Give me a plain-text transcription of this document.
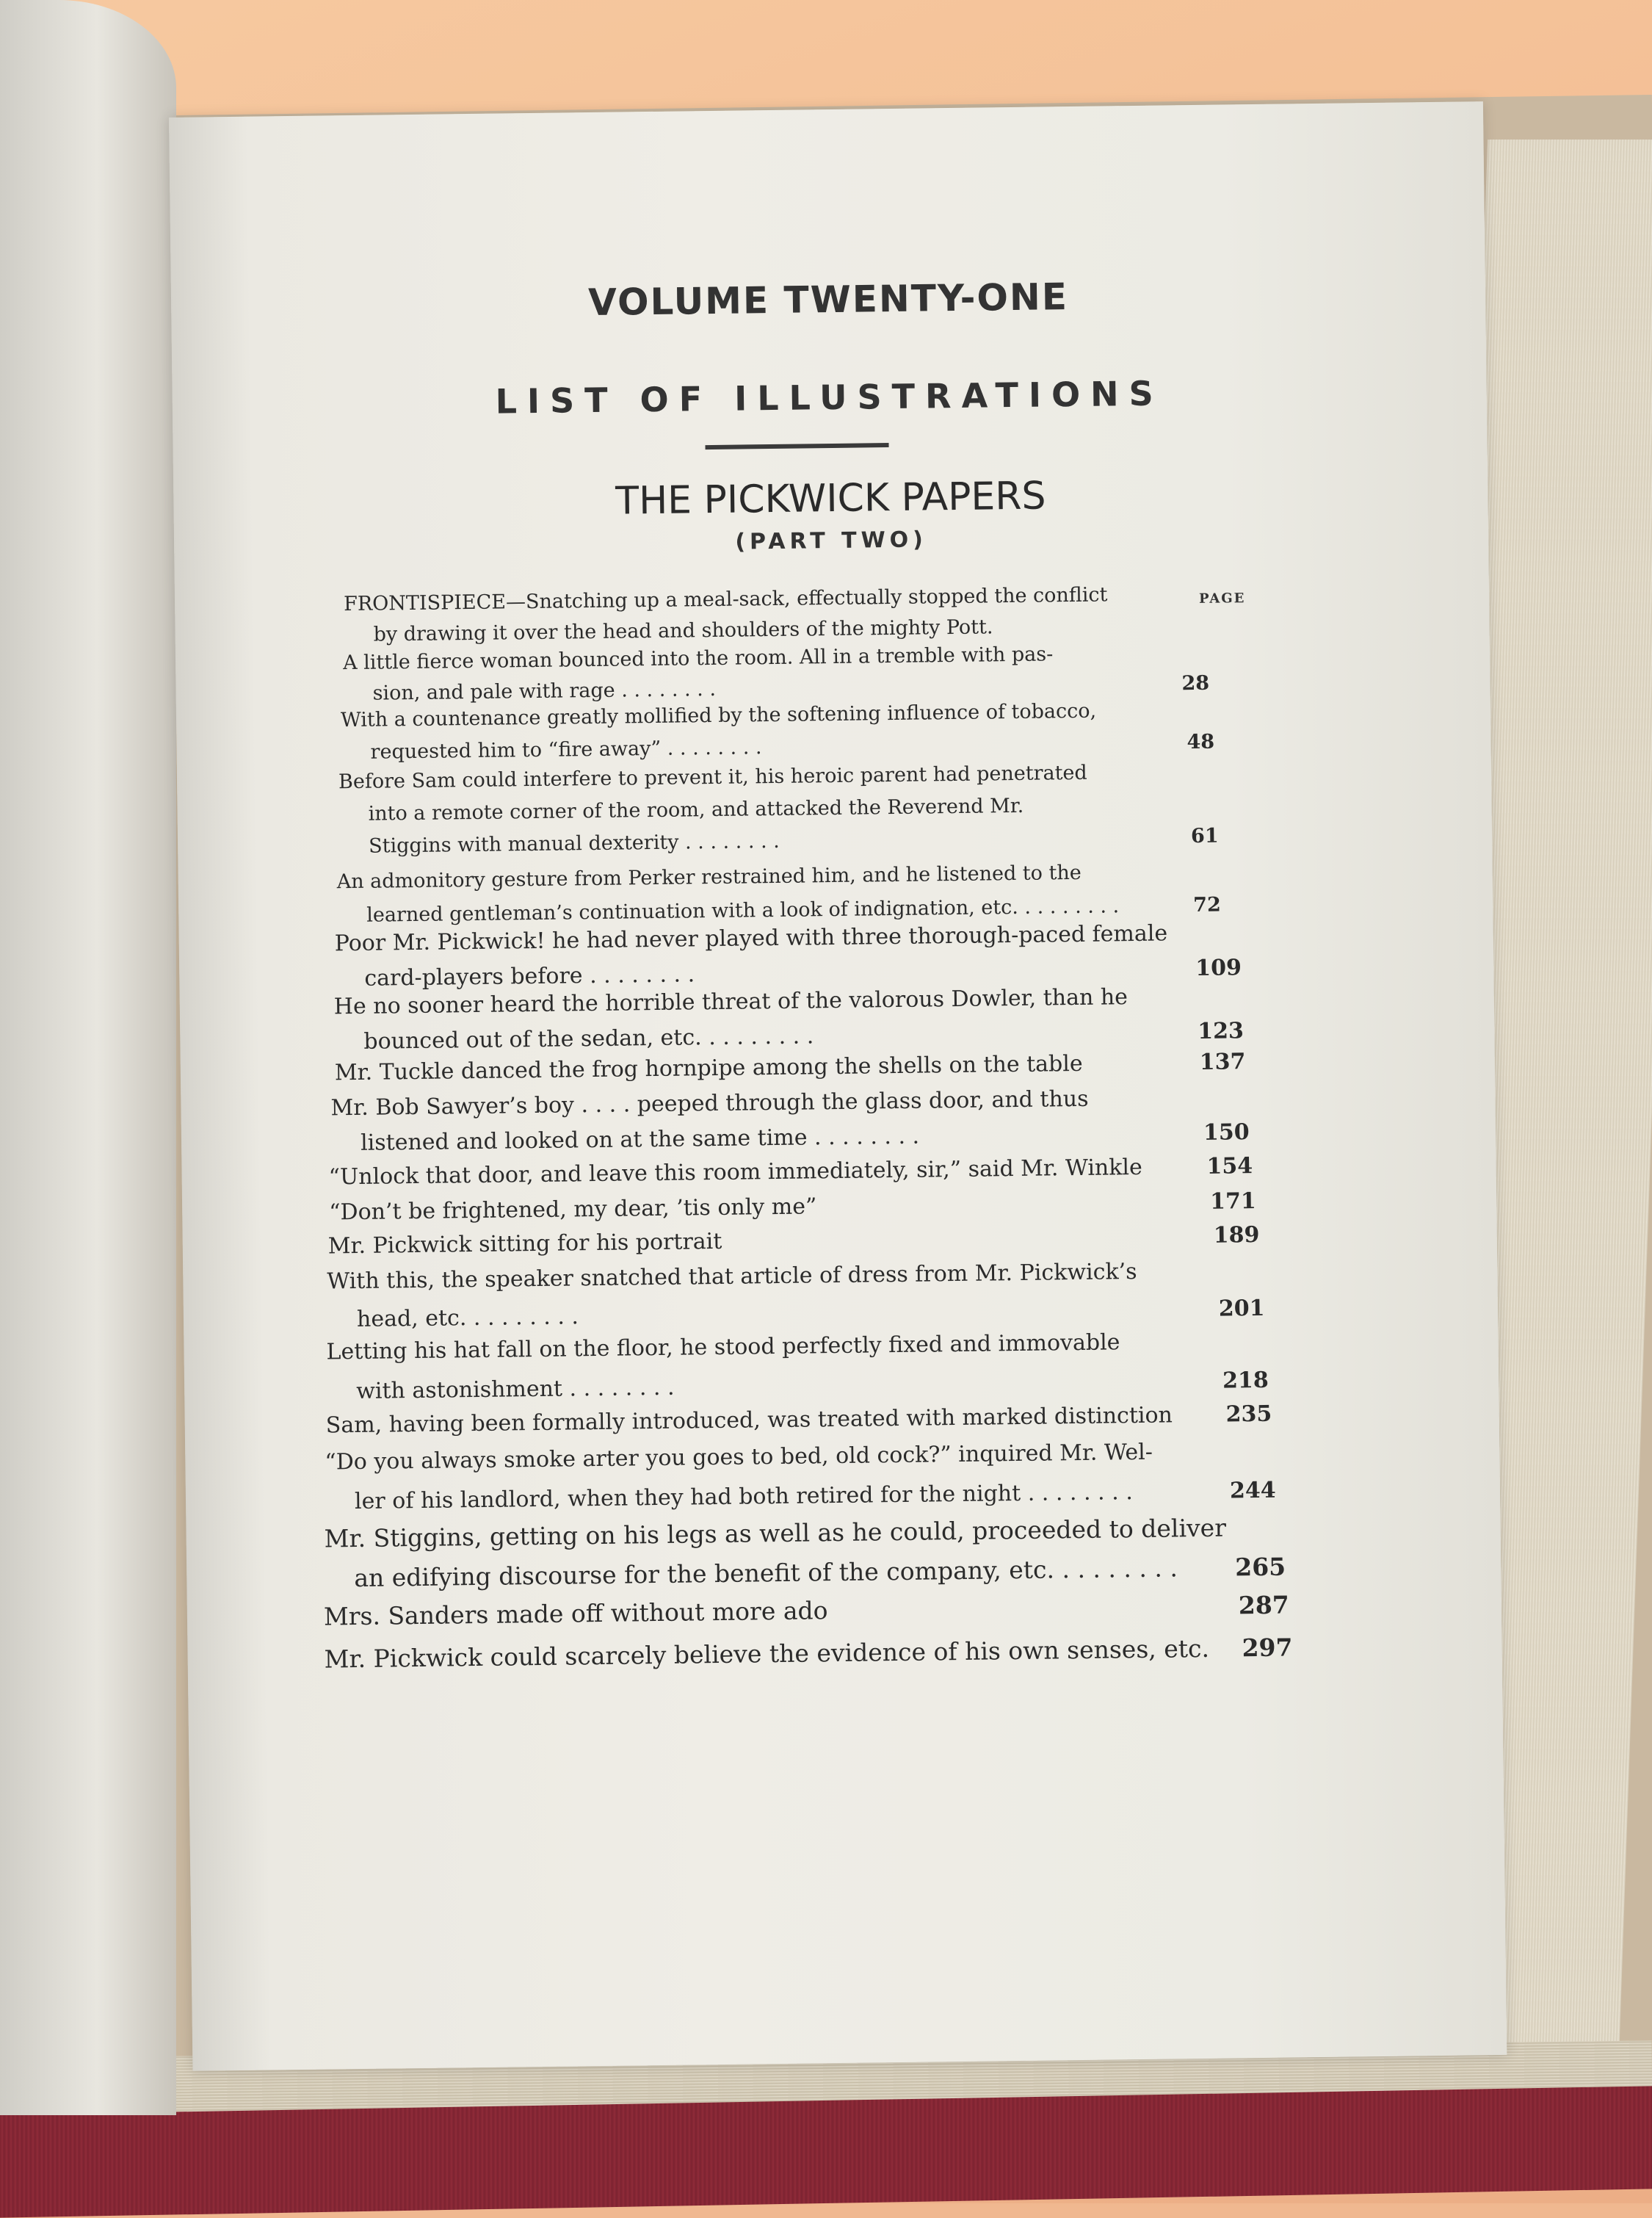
VOLUME TWENTY-ONE
LIST OF ILLUSTRATIONS
THE PICKWICK PAPERS
(PART TWO)
PAGE
FRONTISPIECE—Snatching up a meal-sack, effectually stopped the conflict
by drawing it over the head and shoulders of the mighty Pott.
A little fierce woman bounced into the room. All in a tremble with pas-
sion, and pale with rage . . . . . . . .	28
With a countenance greatly mollified by the softening influence of tobacco,
requested him to “fire away” . . . . . . . .	48
Before Sam could interfere to prevent it, his heroic parent had penetrated
into a remote corner of the room, and attacked the Reverend Mr.
Stiggins with manual dexterity . . . . . . . .	61
An admonitory gesture from Perker restrained him, and he listened to the
learned gentleman’s continuation with a look of indignation, etc. . . . . . . . .	72
Poor Mr. Pickwick! he had never played with three thorough-paced female
card-players before . . . . . . . .	109
He no sooner heard the horrible threat of the valorous Dowler, than he
bounced out of the sedan, etc. . . . . . . . .	123
Mr. Tuckle danced the frog hornpipe among the shells on the table	137
Mr. Bob Sawyer’s boy . . . . peeped through the glass door, and thus
listened and looked on at the same time . . . . . . . .	150
“Unlock that door, and leave this room immediately, sir,” said Mr. Winkle	154
“Don’t be frightened, my dear, ’tis only me”	171
Mr. Pickwick sitting for his portrait	189
With this, the speaker snatched that article of dress from Mr. Pickwick’s
head, etc. . . . . . . . .	201
Letting his hat fall on the floor, he stood perfectly fixed and immovable
with astonishment . . . . . . . .	218
Sam, having been formally introduced, was treated with marked distinction 235
“Do you always smoke arter you goes to bed, old cock?” inquired Mr. Wel-
ler of his landlord, when they had both retired for the night . . . . . . . .	244
Mr. Stiggins, getting on his legs as well as he could, proceeded to deliver
an edifying discourse for the benefit of the company, etc. . . . . . . . . 265
Mrs. Sanders made off without more ado	287
Mr. Pickwick could scarcely believe the evidence of his own senses, etc. 297
